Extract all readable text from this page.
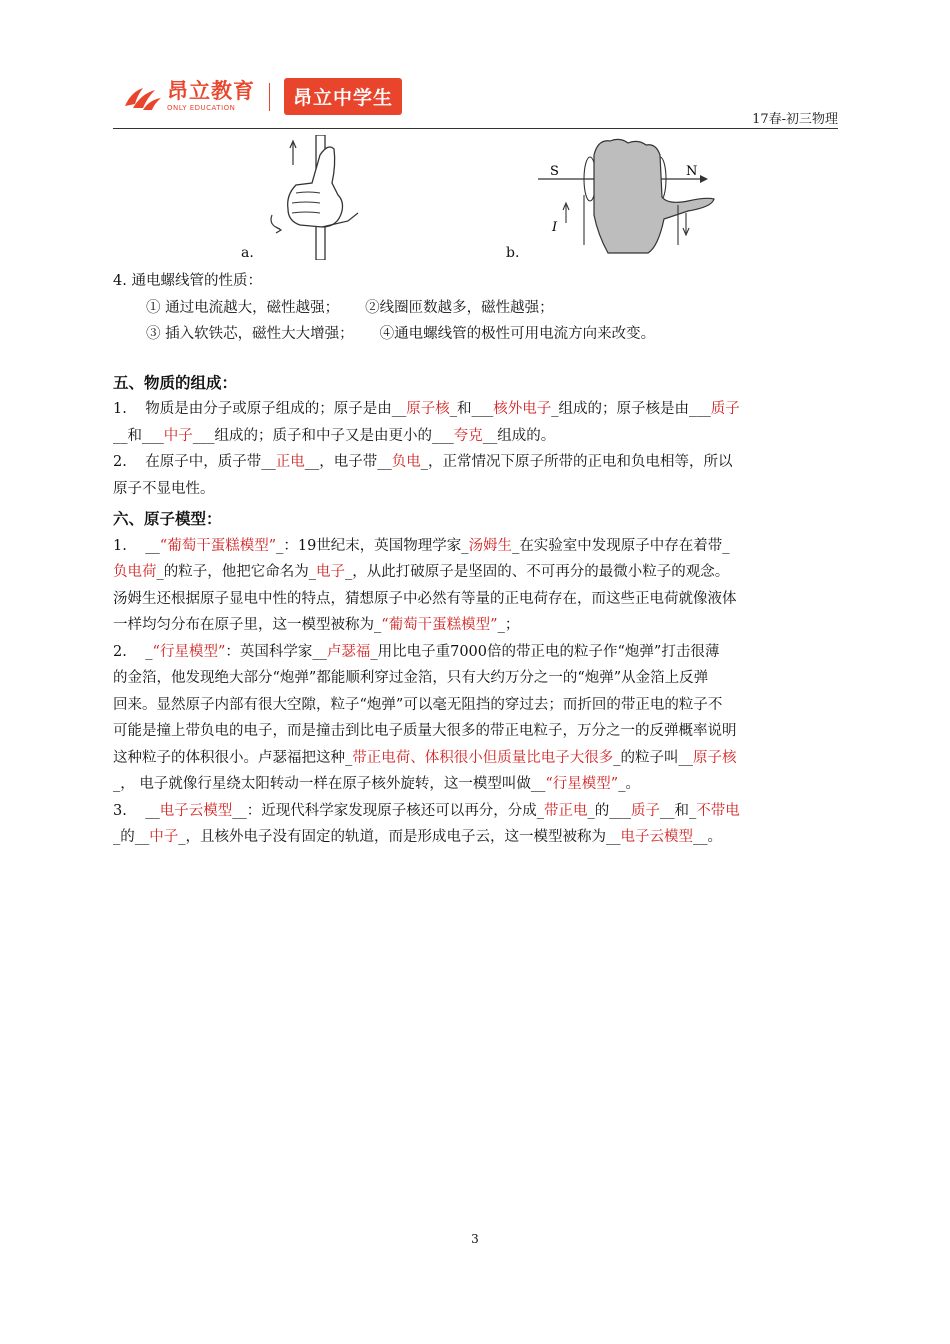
昂立教育
ONLY EDUCATION	昂立中学生
17春-初三物理
a.
S	N
I
b.

4. 通电螺线管的性质：

① 通过电流越大，磁性越强； ②线圈匝数越多，磁性越强；

③ 插入软铁芯，磁性大大增强； ④通电螺线管的极性可用电流方向来改变。

五、物质的组成：

1.    物质是由分子或原子组成的；原子是由__原子核_和___核外电子_组成的；原子核是由___质子

__和___中子___组成的；质子和中子又是由更小的___夸克__组成的。

2.    在原子中，质子带__正电__，电子带__负电_，正常情况下原子所带的正电和负电相等，所以

原子不显电性。

六、原子模型：

1.    __“葡萄干蛋糕模型”_：19世纪末，英国物理学家_汤姆生_在实验室中发现原子中存在着带_

负电荷_的粒子，他把它命名为_电子_，从此打破原子是坚固的、不可再分的最微小粒子的观念。

汤姆生还根据原子显电中性的特点，猜想原子中必然有等量的正电荷存在，而这些正电荷就像液体

一样均匀分布在原子里，这一模型被称为_“葡萄干蛋糕模型”_；

2.    _“行星模型”：英国科学家__卢瑟福_用比电子重7000倍的带正电的粒子作“炮弹”打击很薄

的金箔，他发现绝大部分“炮弹”都能顺利穿过金箔，只有大约万分之一的“炮弹”从金箔上反弹

回来。显然原子内部有很大空隙，粒子“炮弹”可以毫无阻挡的穿过去；而折回的带正电的粒子不

可能是撞上带负电的电子，而是撞击到比电子质量大很多的带正电粒子，万分之一的反弹概率说明

这种粒子的体积很小。卢瑟福把这种_带正电荷、体积很小但质量比电子大很多_的粒子叫__原子核

_， 电子就像行星绕太阳转动一样在原子核外旋转，这一模型叫做__“行星模型”_。

3.    __电子云模型__：近现代科学家发现原子核还可以再分，分成_带正电_的___质子__和_不带电

_的__中子_，且核外电子没有固定的轨道，而是形成电子云，这一模型被称为__电子云模型__。

3
